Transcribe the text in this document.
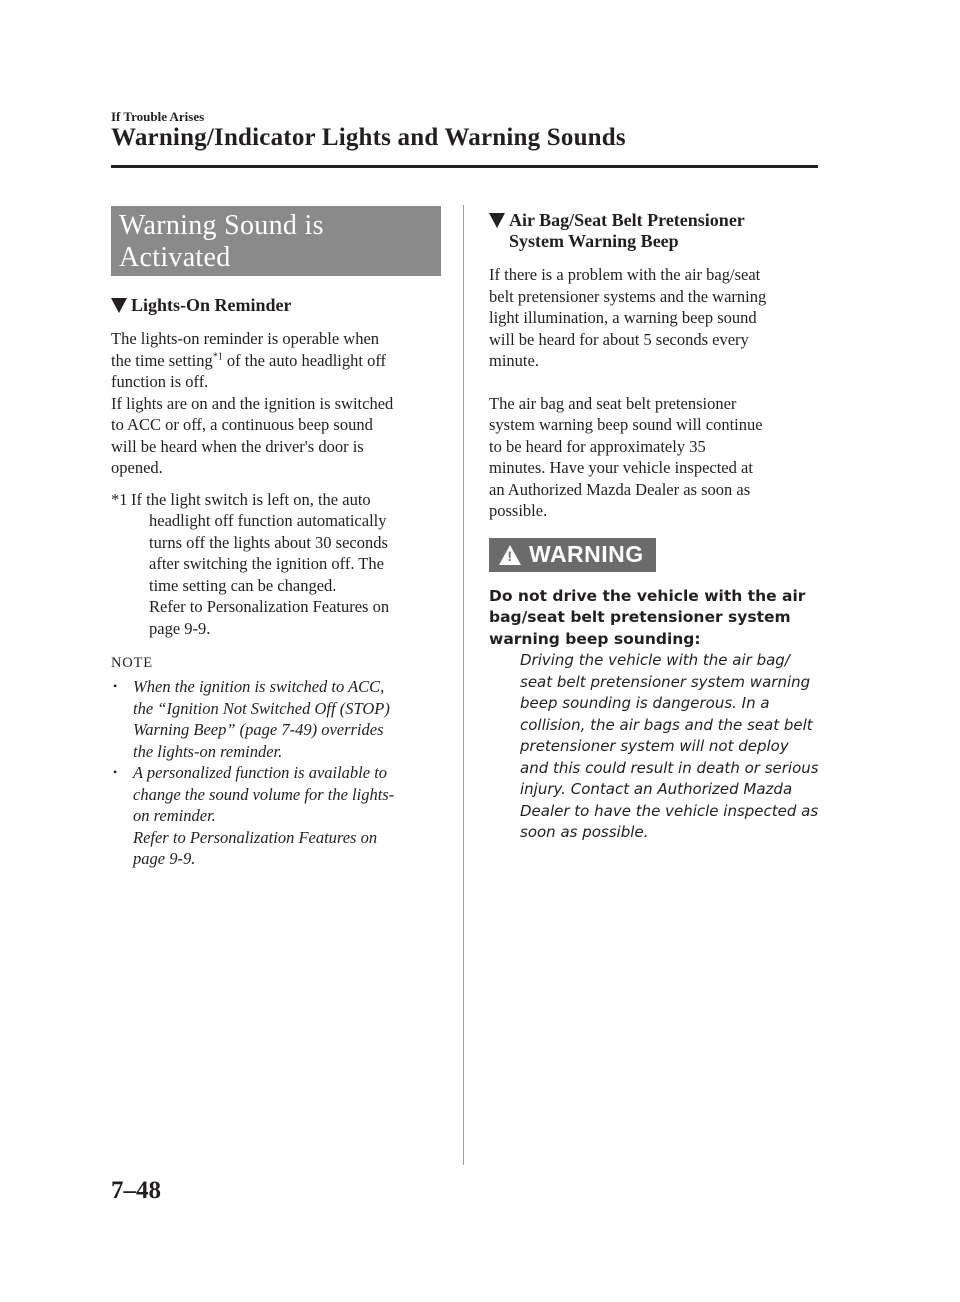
If Trouble Arises
Warning/Indicator Lights and Warning Sounds
Warning Sound is
Activated
Lights-On Reminder
The lights-on reminder is operable when
the time setting$^{*1}$ of the auto headlight off
function is off.
If lights are on and the ignition is switched
to ACC or off, a continuous beep sound
will be heard when the driver's door is
opened.
*1 If the light switch is left on, the auto
headlight off function automatically
turns off the lights about 30 seconds
after switching the ignition off. The
time setting can be changed.
Refer to Personalization Features on
page 9-9.
NOTE
• When the ignition is switched to ACC,
the “Ignition Not Switched Off (STOP)
Warning Beep” (page 7-49) overrides
the lights-on reminder.
• A personalized function is available to
change the sound volume for the lights-
on reminder.
Refer to Personalization Features on
page 9-9.
Air Bag/Seat Belt Pretensioner
System Warning Beep
If there is a problem with the air bag/seat
belt pretensioner systems and the warning
light illumination, a warning beep sound
will be heard for about 5 seconds every
minute.
The air bag and seat belt pretensioner
system warning beep sound will continue
to be heard for approximately 35
minutes. Have your vehicle inspected at
an Authorized Mazda Dealer as soon as
possible.
! WARNING
Do not drive the vehicle with the air
bag/seat belt pretensioner system
warning beep sounding:
Driving the vehicle with the air bag/
seat belt pretensioner system warning
beep sounding is dangerous. In a
collision, the air bags and the seat belt
pretensioner system will not deploy
and this could result in death or serious
injury. Contact an Authorized Mazda
Dealer to have the vehicle inspected as
soon as possible.
7–48
